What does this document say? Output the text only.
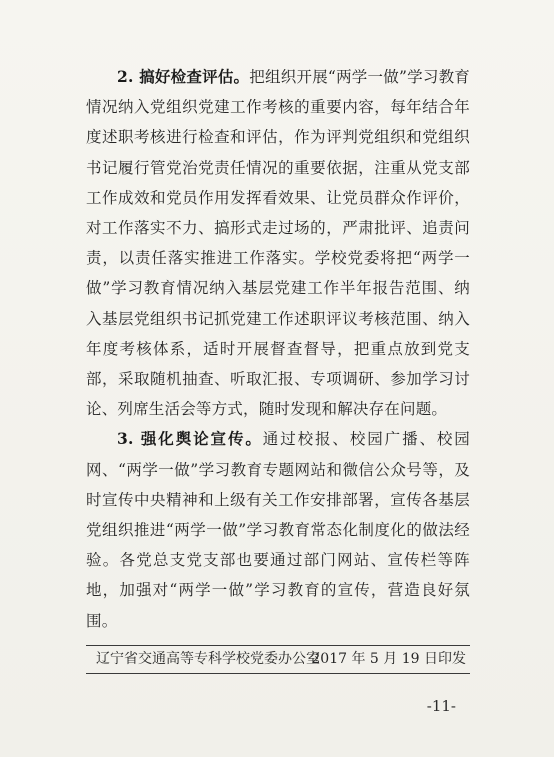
2. 搞好检查评估。把组织开展“两学一做”学习教育情况纳入党组织党建工作考核的重要内容，每年结合年度述职考核进行检查和评估，作为评判党组织和党组织书记履行管党治党责任情况的重要依据，注重从党支部工作成效和党员作用发挥看效果、让党员群众作评价，对工作落实不力、搞形式走过场的，严肃批评、追责问责，以责任落实推进工作落实。学校党委将把“两学一做”学习教育情况纳入基层党建工作半年报告范围、纳入基层党组织书记抓党建工作述职评议考核范围、纳入年度考核体系，适时开展督查督导，把重点放到党支部，采取随机抽查、听取汇报、专项调研、参加学习讨论、列席生活会等方式，随时发现和解决存在问题。

3. 强化舆论宣传。通过校报、校园广播、校园网、“两学一做”学习教育专题网站和微信公众号等，及时宣传中央精神和上级有关工作安排部署，宣传各基层党组织推进“两学一做”学习教育常态化制度化的做法经验。各党总支党支部也要通过部门网站、宣传栏等阵地，加强对“两学一做”学习教育的宣传，营造良好氛围。

辽宁省交通高等专科学校党委办公室
2017 年 5 月 19 日印发
-11-
